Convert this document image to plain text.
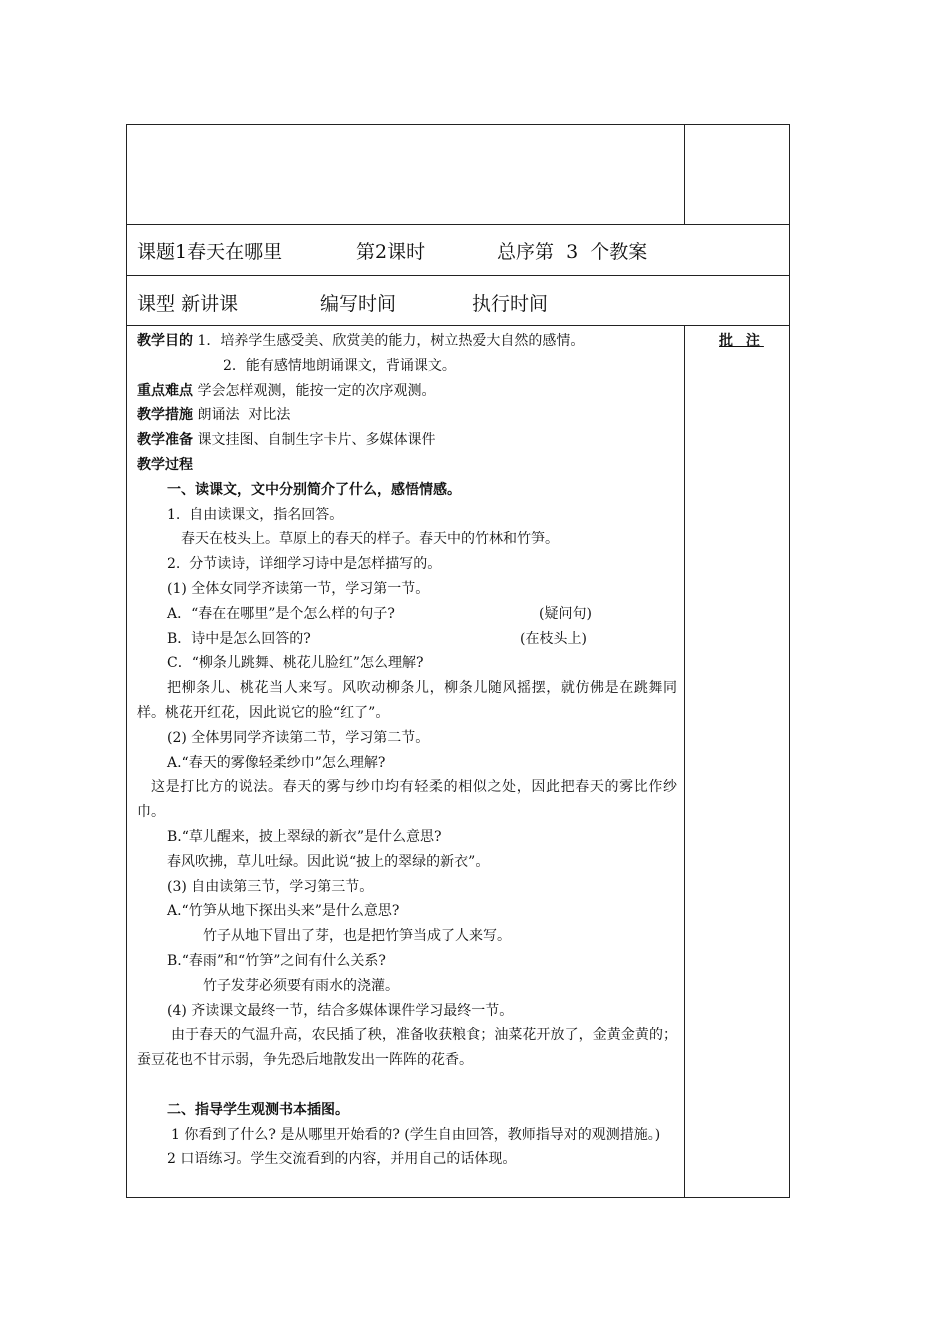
课题1春天在哪里	第2课时	总序第  3  个教案
课型 新讲课	编写时间	执行时间
批 注
教学目的 1．培养学生感受美、欣赏美的能力，树立热爱大自然的感情。
2．能有感情地朗诵课文，背诵课文。
重点难点 学会怎样观测，能按一定的次序观测。
教学措施 朗诵法  对比法
教学准备 课文挂图、自制生字卡片、多媒体课件
教学过程
一、读课文，文中分别简介了什么，感悟情感。
1.  自由读课文，指名回答。
春天在枝头上。草原上的春天的样子。春天中的竹林和竹笋。
2.  分节读诗，详细学习诗中是怎样描写的。
(1) 全体女同学齐读第一节，学习第一节。
A．“春在在哪里”是个怎么样的句子?	(疑问句)
B．诗中是怎么回答的?	(在枝头上)
C．“柳条儿跳舞、桃花儿脸红”怎么理解?
把柳条儿、桃花当人来写。风吹动柳条儿，柳条儿随风摇摆，就仿佛是在跳舞同样。桃花开红花，因此说它的脸“红了”。
(2) 全体男同学齐读第二节，学习第二节。
A.“春天的雾像轻柔纱巾”怎么理解?
这是打比方的说法。春天的雾与纱巾均有轻柔的相似之处，因此把春天的雾比作纱巾。
B.“草儿醒来，披上翠绿的新衣”是什么意思?
春风吹拂，草儿吐绿。因此说“披上的翠绿的新衣”。
(3) 自由读第三节，学习第三节。
A.“竹笋从地下探出头来”是什么意思?
竹子从地下冒出了芽，也是把竹笋当成了人来写。
B.“春雨”和“竹笋”之间有什么关系?
竹子发芽必须要有雨水的浇灌。
(4) 齐读课文最终一节，结合多媒体课件学习最终一节。
由于春天的气温升高，农民插了秧，准备收获粮食；油菜花开放了，金黄金黄的；蚕豆花也不甘示弱，争先恐后地散发出一阵阵的花香。
二、指导学生观测书本插图。
1 你看到了什么? 是从哪里开始看的? (学生自由回答，教师指导对的观测措施。)
2 口语练习。学生交流看到的内容，并用自己的话体现。
